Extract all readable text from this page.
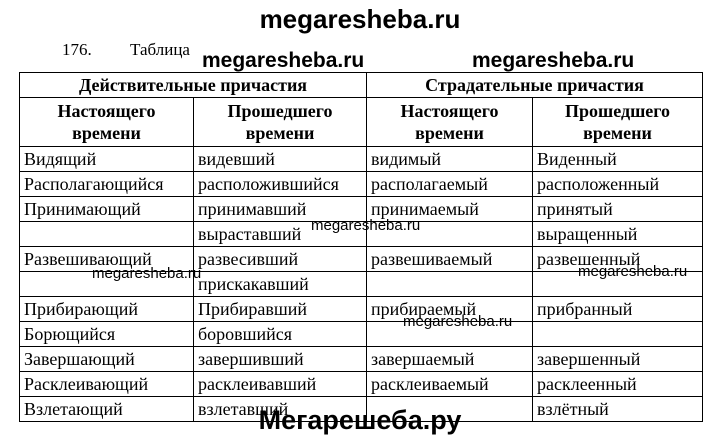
megaresheba.ru
176. Таблица megaresheba.ru	megaresheba.ru
Действительные причастия		Страдательные причастия	
Настоящего времени	Прошедшего времени	Настоящего времени	Прошедшего времени
Видящий	видевший	видимый	Виденный
Располагающийся	расположившийся	располагаемый	расположенный
Принимающий	принимавший	принимаемый	принятый
	выраставший		выращенный
Развешивающий	развесивший	развешиваемый	развешенный
	прискакавший		
Прибирающий	Прибиравший	прибираемый	прибранный
Борющийся	боровшийся		
Завершающий	завершивший	завершаемый	завершенный
Расклеивающий	расклеивавший	расклеиваемый	расклеенный
Взлетающий	взлетавший		взлётный
megaresheba.ru
megaresheba.ru	megaresheba.ru
megaresheba.ru
Мегарешеба.ру
